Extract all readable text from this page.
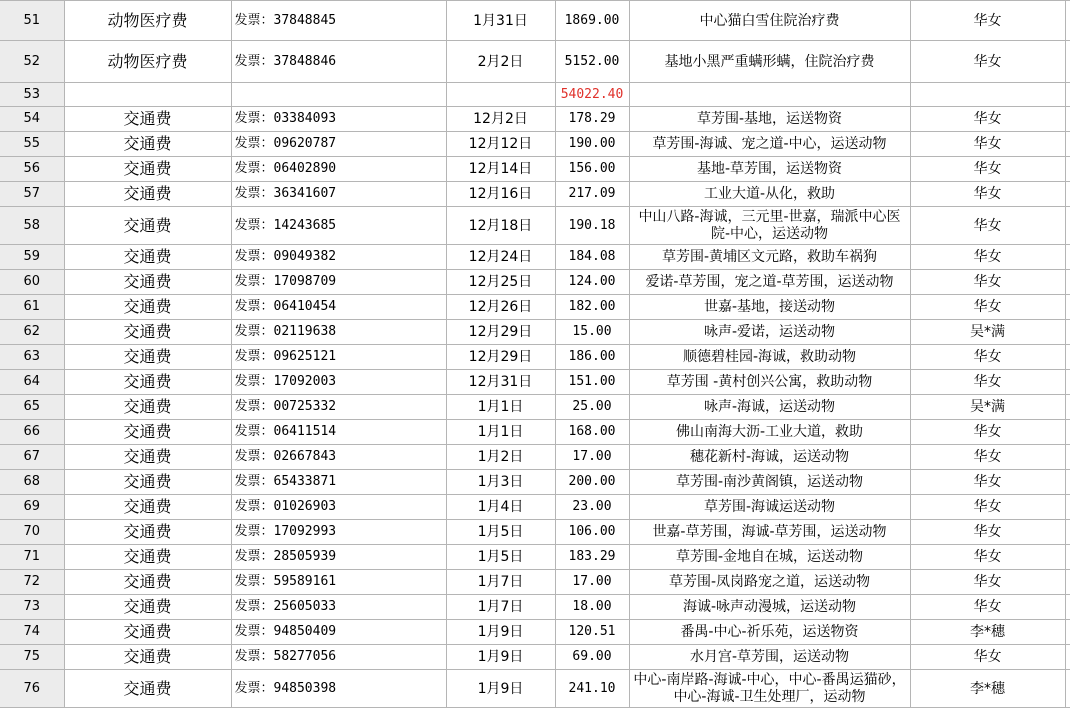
51	动物医疗费	发票：37848845	1月31日	1869.00	中心猫白雪住院治疗费	华女	
52	动物医疗费	发票：37848846	2月2日	5152.00	基地小黑严重螨形螨，住院治疗费	华女	
53				54022.40			
54	交通费	发票：03384093	12月2日	178.29	草芳围-基地，运送物资	华女	
55	交通费	发票：09620787	12月12日	190.00	草芳围-海诚、宠之道-中心，运送动物	华女	
56	交通费	发票：06402890	12月14日	156.00	基地-草芳围，运送物资	华女	
57	交通费	发票：36341607	12月16日	217.09	工业大道-从化，救助	华女	
58	交通费	发票：14243685	12月18日	190.18	中山八路-海诚，三元里-世嘉，瑞派中心医院-中心，运送动物	华女	
59	交通费	发票：09049382	12月24日	184.08	草芳围-黄埔区文元路，救助车祸狗	华女	
60	交通费	发票：17098709	12月25日	124.00	爱诺-草芳围，宠之道-草芳围，运送动物	华女	
61	交通费	发票：06410454	12月26日	182.00	世嘉-基地，接送动物	华女	
62	交通费	发票：02119638	12月29日	15.00	咏声-爱诺，运送动物	吴*满	
63	交通费	发票：09625121	12月29日	186.00	顺德碧桂园-海诚，救助动物	华女	
64	交通费	发票：17092003	12月31日	151.00	草芳围 -黄村创兴公寓，救助动物	华女	
65	交通费	发票：00725332	1月1日	25.00	咏声-海诚，运送动物	吴*满	
66	交通费	发票：06411514	1月1日	168.00	佛山南海大沥-工业大道，救助	华女	
67	交通费	发票：02667843	1月2日	17.00	穗花新村-海诚，运送动物	华女	
68	交通费	发票：65433871	1月3日	200.00	草芳围-南沙黄阁镇，运送动物	华女	
69	交通费	发票：01026903	1月4日	23.00	草芳围-海诚运送动物	华女	
70	交通费	发票：17092993	1月5日	106.00	世嘉-草芳围，海诚-草芳围，运送动物	华女	
71	交通费	发票：28505939	1月5日	183.29	草芳围-金地自在城，运送动物	华女	
72	交通费	发票：59589161	1月7日	17.00	草芳围-凤岗路宠之道，运送动物	华女	
73	交通费	发票：25605033	1月7日	18.00	海诚-咏声动漫城，运送动物	华女	
74	交通费	发票：94850409	1月9日	120.51	番禺-中心-祈乐苑，运送物资	李*穗	
75	交通费	发票：58277056	1月9日	69.00	水月宫-草芳围，运送动物	华女	
76	交通费	发票：94850398	1月9日	241.10	中心-南岸路-海诚-中心，中心-番禺运猫砂，中心-海诚-卫生处理厂，运动物	李*穗	
